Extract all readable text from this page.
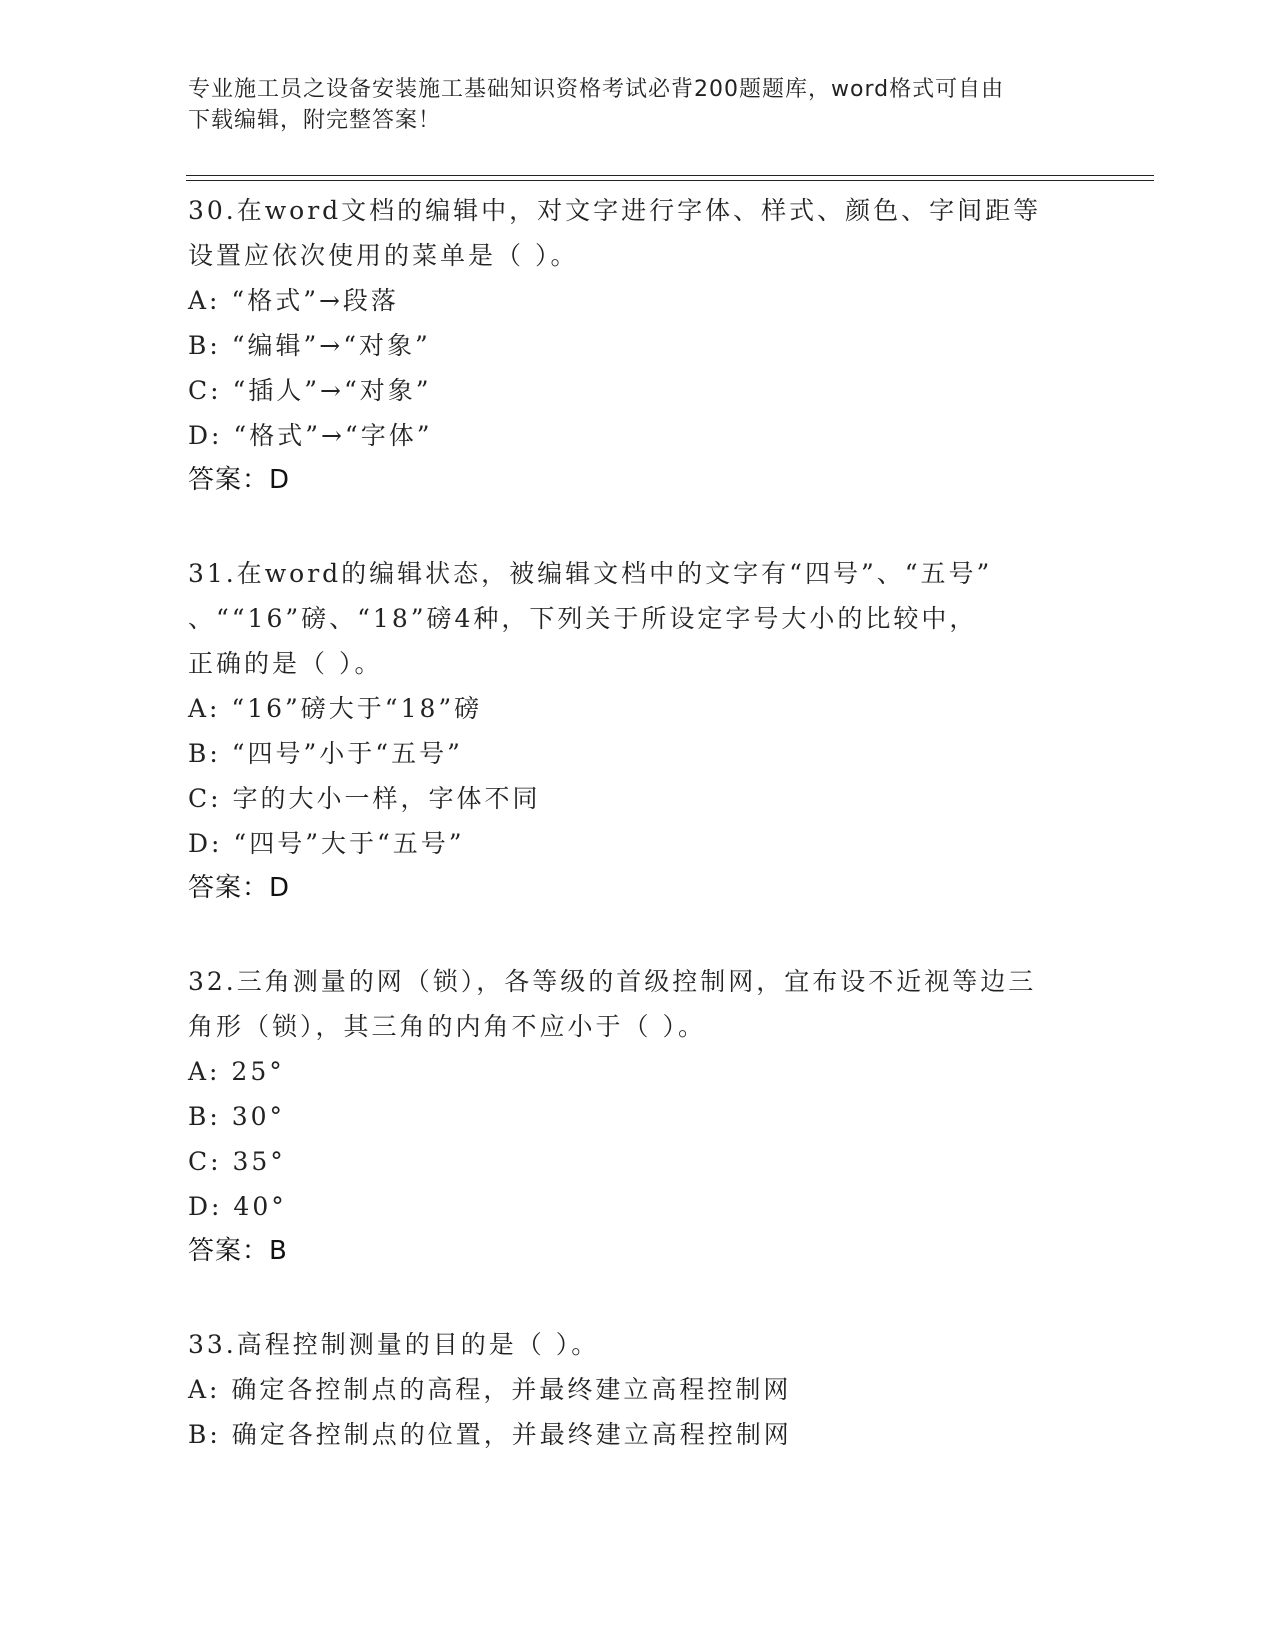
专业施工员之设备安装施工基础知识资格考试必背200题题库，word格式可自由
下载编辑，附完整答案！
30.在word文档的编辑中，对文字进行字体、样式、颜色、字间距等
设置应依次使用的菜单是（ ）。
A: “格式”→段落
B: “编辑”→“对象”
C: “插人”→“对象”
D: “格式”→“字体”
答案：D
31.在word的编辑状态，被编辑文档中的文字有“四号”、“五号”
、““16”磅、“18”磅4种，下列关于所设定字号大小的比较中，
正确的是（ ）。
A: “16”磅大于“18”磅
B: “四号”小于“五号”
C: 字的大小一样，字体不同
D: “四号”大于“五号”
答案：D
32.三角测量的网（锁），各等级的首级控制网，宜布设不近视等边三
角形（锁），其三角的内角不应小于（ ）。
A: 25°
B: 30°
C: 35°
D: 40°
答案：B
33.高程控制测量的目的是（ ）。
A: 确定各控制点的高程，并最终建立高程控制网
B: 确定各控制点的位置，并最终建立高程控制网
